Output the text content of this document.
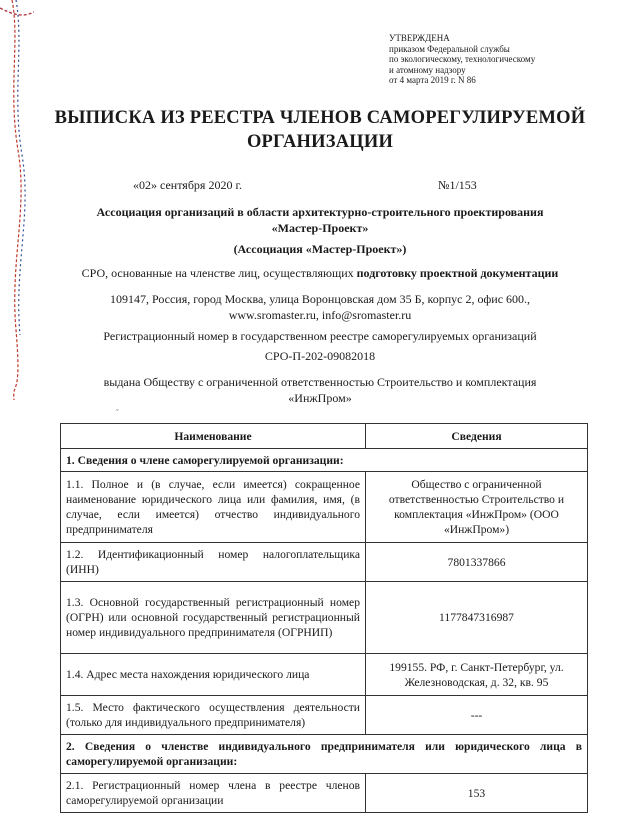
УТВЕРЖДЕНА
приказом Федеральной службы
по экологическому, технологическому
и атомному надзору
от 4 марта 2019 г. N 86
ВЫПИСКА ИЗ РЕЕСТРА ЧЛЕНОВ САМОРЕГУЛИРУЕМОЙ
ОРГАНИЗАЦИИ
«02» сентября 2020 г.	№1/153
Ассоциация организаций в области архитектурно-строительного проектирования
«Мастер-Проект»
(Ассоциация «Мастер-Проект»)
СРО, основанные на членстве лиц, осуществляющих подготовку проектной документации
109147, Россия, город Москва, улица Воронцовская дом 35 Б, корпус 2, офис 600.,
www.sromaster.ru, info@sromaster.ru
Регистрационный номер в государственном реестре саморегулируемых организаций
СРО-П-202-09082018
выдана Обществу с ограниченной ответственностью Строительство и комплектация
«ИнжПром»
ˇ
Наименование	Сведения
1. Сведения о члене саморегулируемой организации:	
1.1. Полное и (в случае, если имеется) сокращенное наименование юридического лица или фамилия, имя, (в случае, если имеется) отчество индивидуального предпринимателя	Общество с ограниченной ответственностью Строительство и комплектация «ИнжПром» (ООО «ИнжПром»)
1.2. Идентификационный номер налогоплательщика (ИНН)	7801337866
1.3. Основной государственный регистрационный номер (ОГРН) или основной государственный регистрационный номер индивидуального предпринимателя (ОГРНИП)	1177847316987
1.4. Адрес места нахождения юридического лица	199155. РФ, г. Санкт-Петербург, ул. Железноводская, д. 32, кв. 95
1.5. Место фактического осуществления деятельности (только для индивидуального предпринимателя)	---
2. Сведения о членстве индивидуального предпринимателя или юридического лица в саморегулируемой организации:	
2.1. Регистрационный номер члена в реестре членов саморегулируемой организации	153
